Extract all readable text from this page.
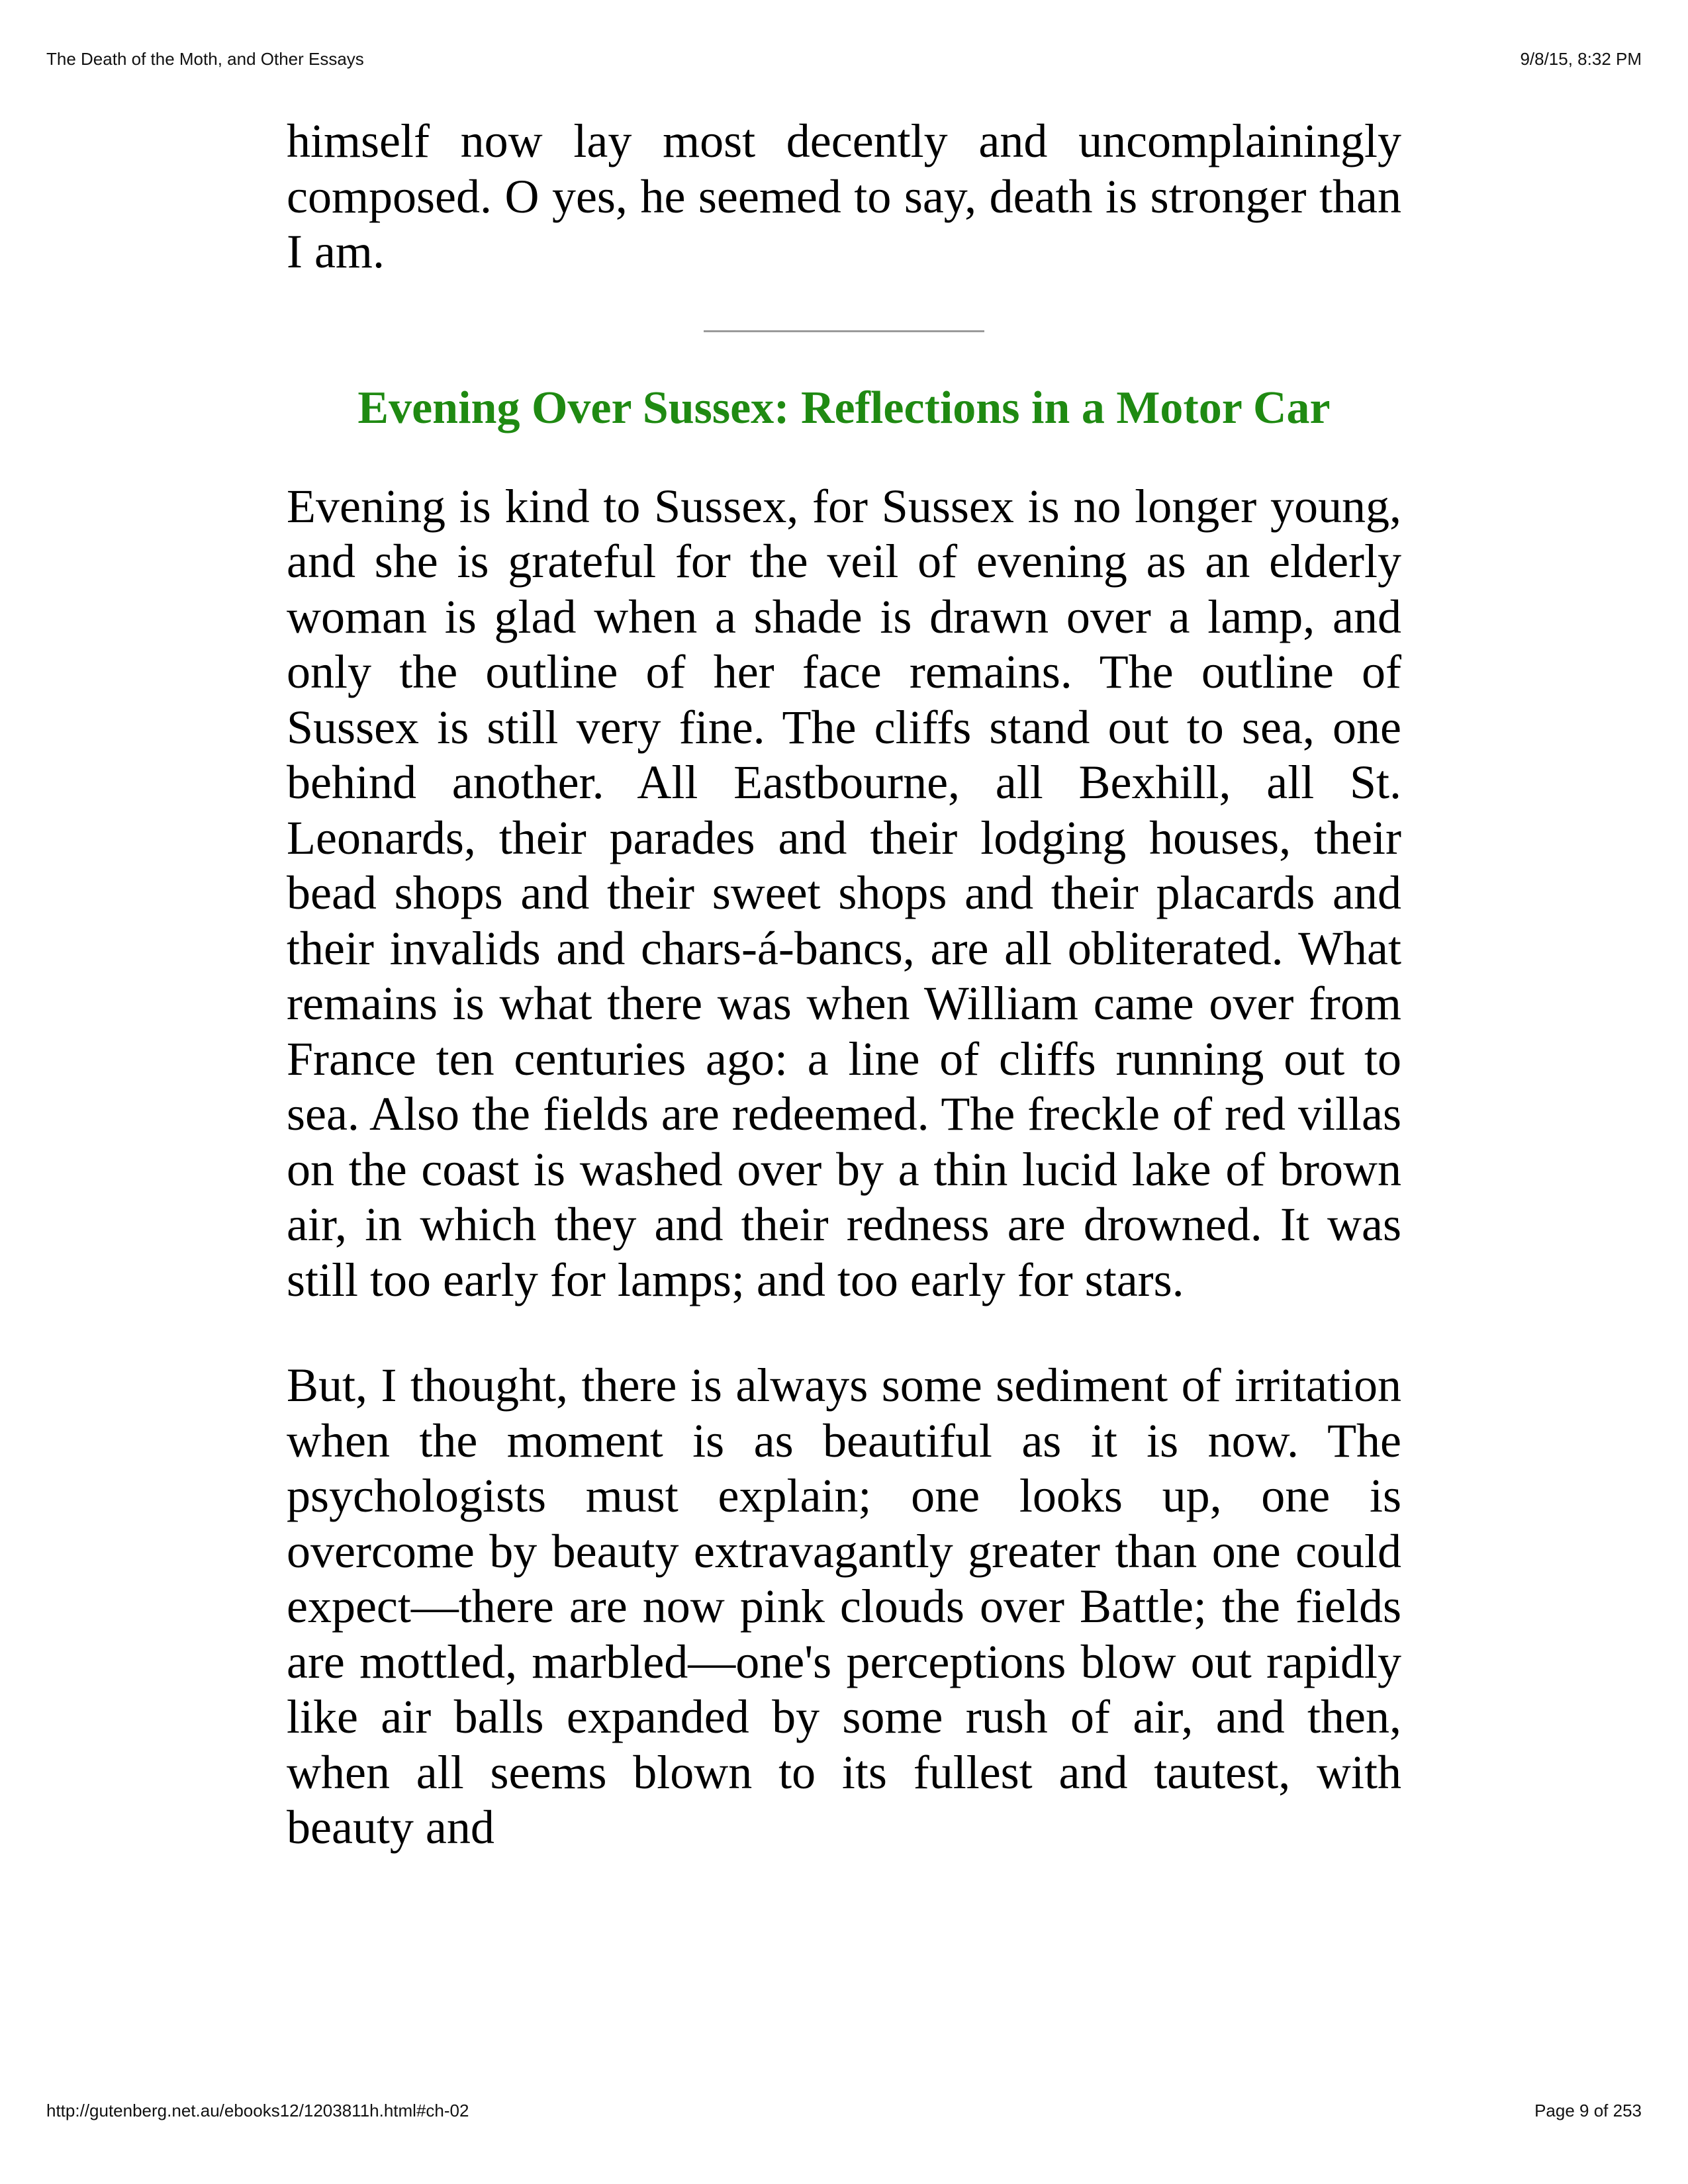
The Death of the Moth, and Other Essays	9/8/15, 8:32 PM

himself now lay most decently and uncomplainingly composed. O yes, he seemed to say, death is stronger than I am.

Evening Over Sussex: Reflections in a Motor Car

Evening is kind to Sussex, for Sussex is no longer young, and she is grateful for the veil of evening as an elderly woman is glad when a shade is drawn over a lamp, and only the outline of her face remains. The outline of Sussex is still very fine. The cliffs stand out to sea, one behind another. All Eastbourne, all Bexhill, all St. Leonards, their parades and their lodging houses, their bead shops and their sweet shops and their placards and their invalids and chars-á-bancs, are all obliterated. What remains is what there was when William came over from France ten centuries ago: a line of cliffs running out to sea. Also the fields are redeemed. The freckle of red villas on the coast is washed over by a thin lucid lake of brown air, in which they and their redness are drowned. It was still too early for lamps; and too early for stars.

But, I thought, there is always some sediment of irritation when the moment is as beautiful as it is now. The psychologists must explain; one looks up, one is overcome by beauty extravagantly greater than one could expect—there are now pink clouds over Battle; the fields are mottled, marbled—one's perceptions blow out rapidly like air balls expanded by some rush of air, and then, when all seems blown to its fullest and tautest, with beauty and

http://gutenberg.net.au/ebooks12/1203811h.html#ch-02	Page 9 of 253
